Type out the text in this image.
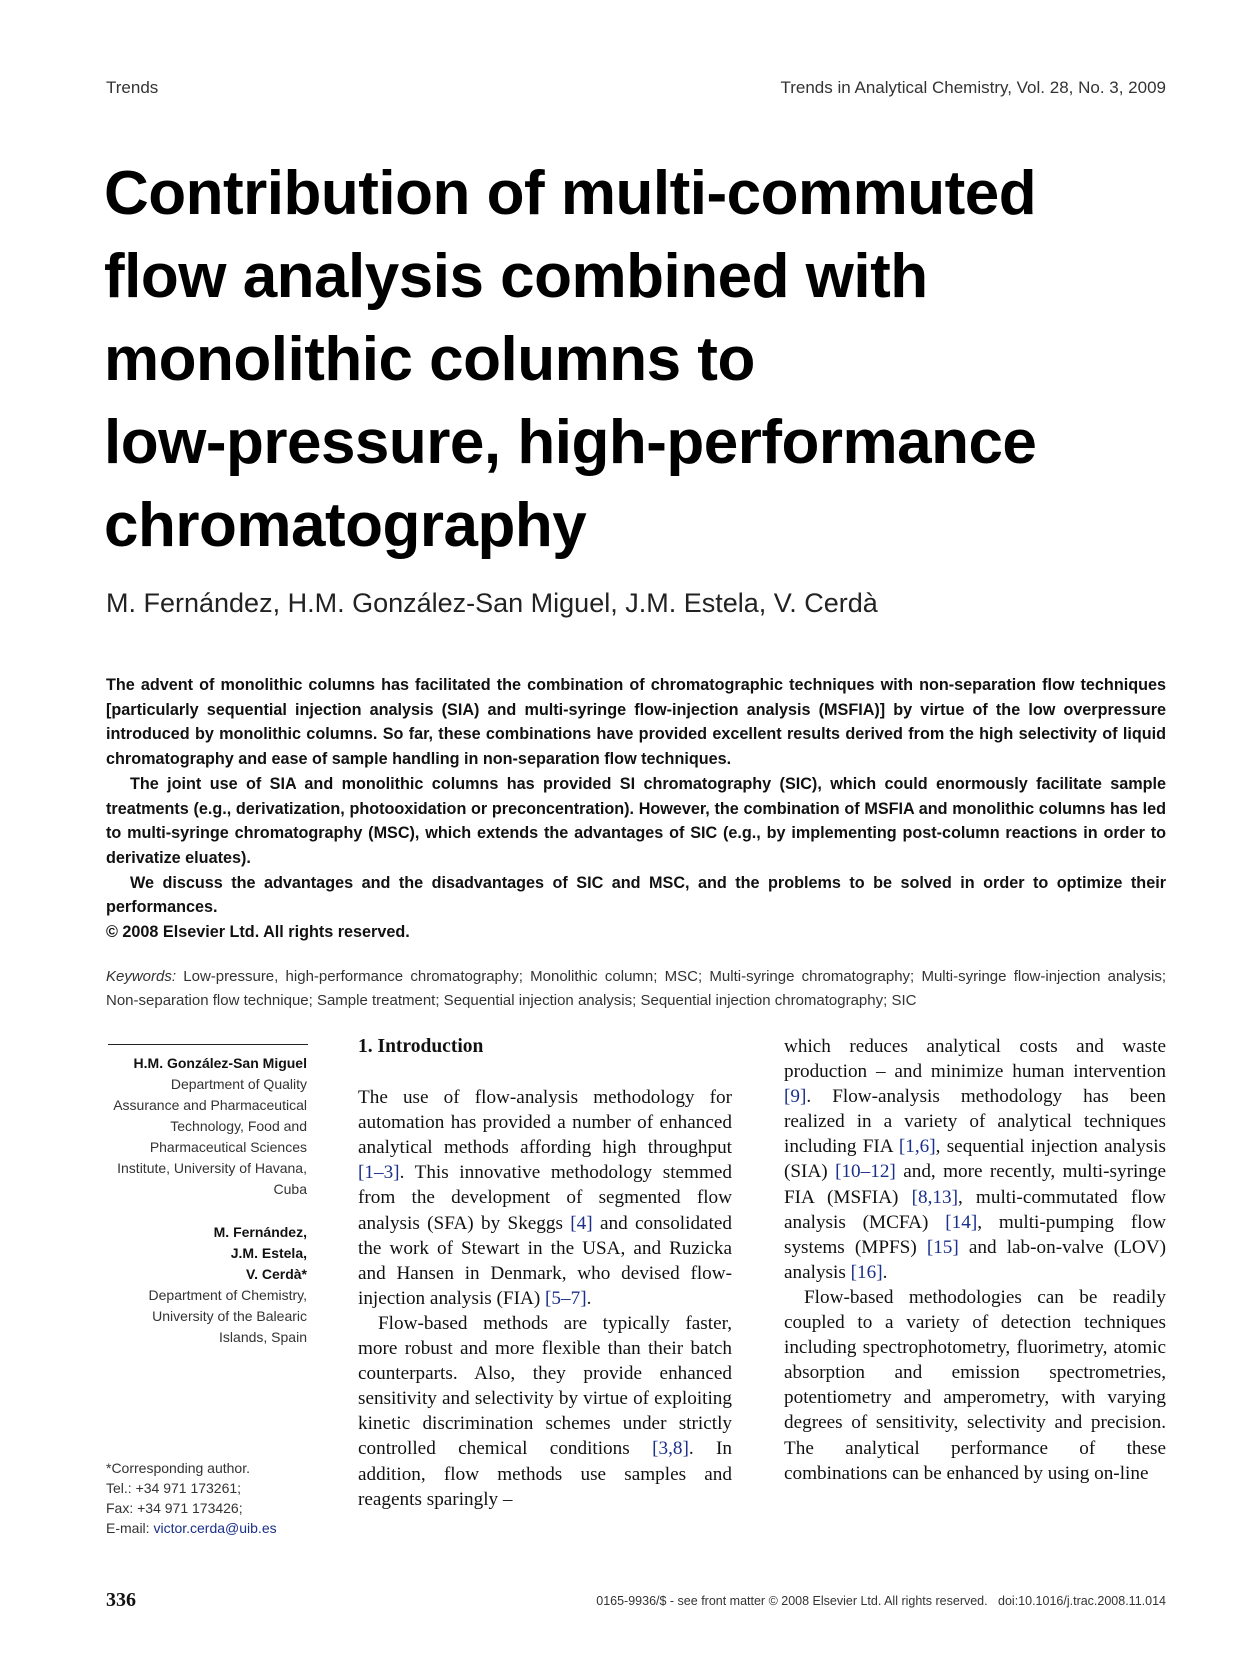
Trends	Trends in Analytical Chemistry, Vol. 28, No. 3, 2009
Contribution of multi-commuted
flow analysis combined with
monolithic columns to
low-pressure, high-performance
chromatography
M. Fernández, H.M. González-San Miguel, J.M. Estela, V. Cerdà

The advent of monolithic columns has facilitated the combination of chromatographic techniques with non-separation flow techniques [particularly sequential injection analysis (SIA) and multi-syringe flow-injection analysis (MSFIA)] by virtue of the low overpressure introduced by monolithic columns. So far, these combinations have provided excellent results derived from the high selectivity of liquid chromatography and ease of sample handling in non-separation flow techniques.

The joint use of SIA and monolithic columns has provided SI chromatography (SIC), which could enormously facilitate sample treatments (e.g., derivatization, photooxidation or preconcentration). However, the combination of MSFIA and monolithic columns has led to multi-syringe chromatography (MSC), which extends the advantages of SIC (e.g., by implementing post-column reactions in order to derivatize eluates).

We discuss the advantages and the disadvantages of SIC and MSC, and the problems to be solved in order to optimize their performances.

© 2008 Elsevier Ltd. All rights reserved.

Keywords: Low-pressure, high-performance chromatography; Monolithic column; MSC; Multi-syringe chromatography; Multi-syringe flow-injection analysis; Non-separation flow technique; Sample treatment; Sequential injection analysis; Sequential injection chromatography; SIC
H.M. González-San Miguel
Department of Quality
Assurance and Pharmaceutical
Technology, Food and
Pharmaceutical Sciences
Institute, University of Havana,
Cuba
M. Fernández,
J.M. Estela,
V. Cerdà*
Department of Chemistry,
University of the Balearic
Islands, Spain
*Corresponding author.
Tel.: +34 971 173261;
Fax: +34 971 173426;
E-mail: victor.cerda@uib.es

1. Introduction

The use of flow-analysis methodology for automation has provided a number of enhanced analytical methods affording high throughput [1–3]. This innovative methodology stemmed from the development of segmented flow analysis (SFA) by Skeggs [4] and consolidated the work of Stewart in the USA, and Ruzicka and Hansen in Denmark, who devised flow-injection analysis (FIA) [5–7].

Flow-based methods are typically faster, more robust and more flexible than their batch counterparts. Also, they provide enhanced sensitivity and selectivity by virtue of exploiting kinetic discrimination schemes under strictly controlled chemical conditions [3,8]. In addition, flow methods use samples and reagents sparingly –

which reduces analytical costs and waste production – and minimize human intervention [9]. Flow-analysis methodology has been realized in a variety of analytical techniques including FIA [1,6], sequential injection analysis (SIA) [10–12] and, more recently, multi-syringe FIA (MSFIA) [8,13], multi-commutated flow analysis (MCFA) [14], multi-pumping flow systems (MPFS) [15] and lab-on-valve (LOV) analysis [16].

Flow-based methodologies can be readily coupled to a variety of detection techniques including spectrophotometry, fluorimetry, atomic absorption and emission spectrometries, potentiometry and amperometry, with varying degrees of sensitivity, selectivity and precision. The analytical performance of these combinations can be enhanced by using on-line

336	0165-9936/$ - see front matter © 2008 Elsevier Ltd. All rights reserved. doi:10.1016/j.trac.2008.11.014
